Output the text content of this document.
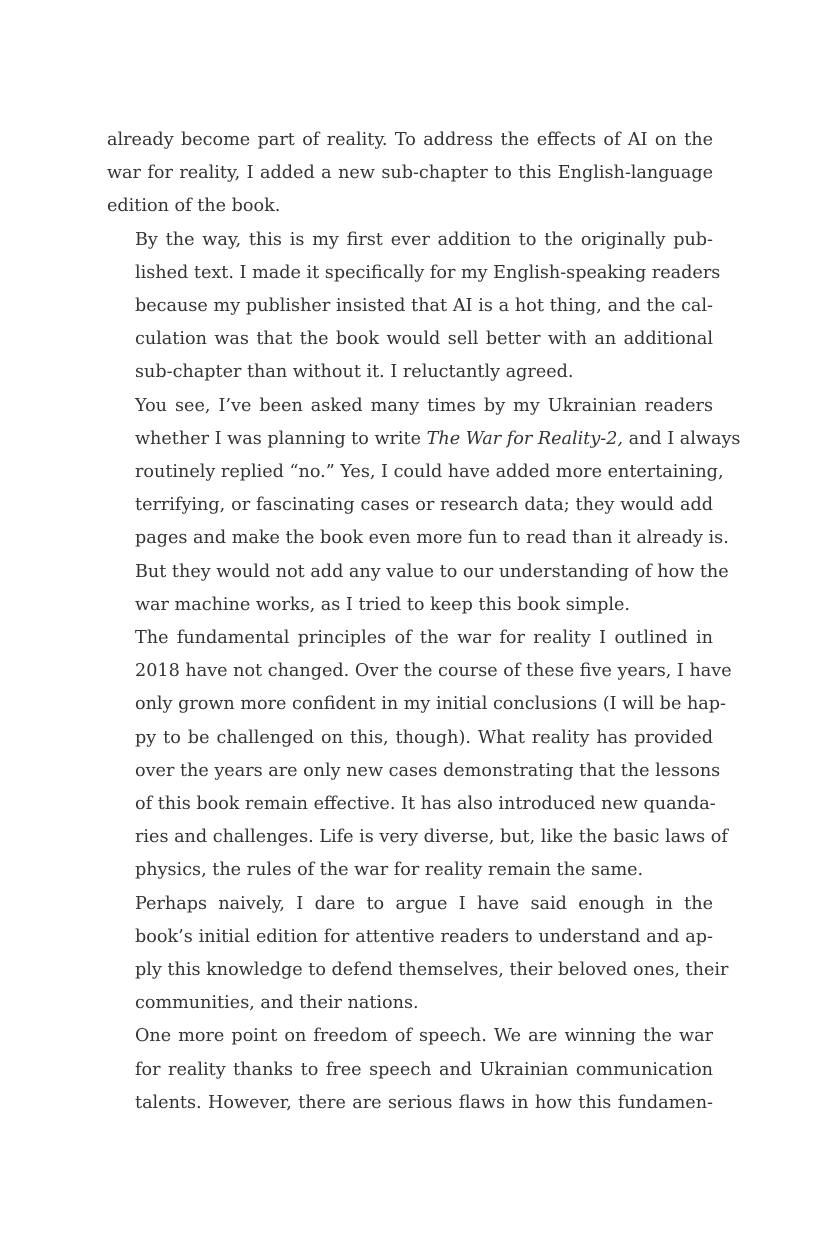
already become part of reality. To address the effects of AI on the
war for reality, I added a new sub-chapter to this English-language
edition of the book.

By the way, this is my first ever addition to the originally pub-
lished text. I made it specifically for my English-speaking readers
because my publisher insisted that AI is a hot thing, and the cal-
culation was that the book would sell better with an additional
sub-chapter than without it. I reluctantly agreed.

You see, I’ve been asked many times by my Ukrainian readers
whether I was planning to write The War for Reality-2, and I always
routinely replied “no.” Yes, I could have added more entertaining,
terrifying, or fascinating cases or research data; they would add
pages and make the book even more fun to read than it already is.
But they would not add any value to our understanding of how the
war machine works, as I tried to keep this book simple.

The fundamental principles of the war for reality I outlined in
2018 have not changed. Over the course of these five years, I have
only grown more confident in my initial conclusions (I will be hap-
py to be challenged on this, though). What reality has provided
over the years are only new cases demonstrating that the lessons
of this book remain effective. It has also introduced new quanda-
ries and challenges. Life is very diverse, but, like the basic laws of
physics, the rules of the war for reality remain the same.

Perhaps naively, I dare to argue I have said enough in the
book’s initial edition for attentive readers to understand and ap-
ply this knowledge to defend themselves, their beloved ones, their
communities, and their nations.

One more point on freedom of speech. We are winning the war
for reality thanks to free speech and Ukrainian communication
talents. However, there are serious flaws in how this fundamen-
